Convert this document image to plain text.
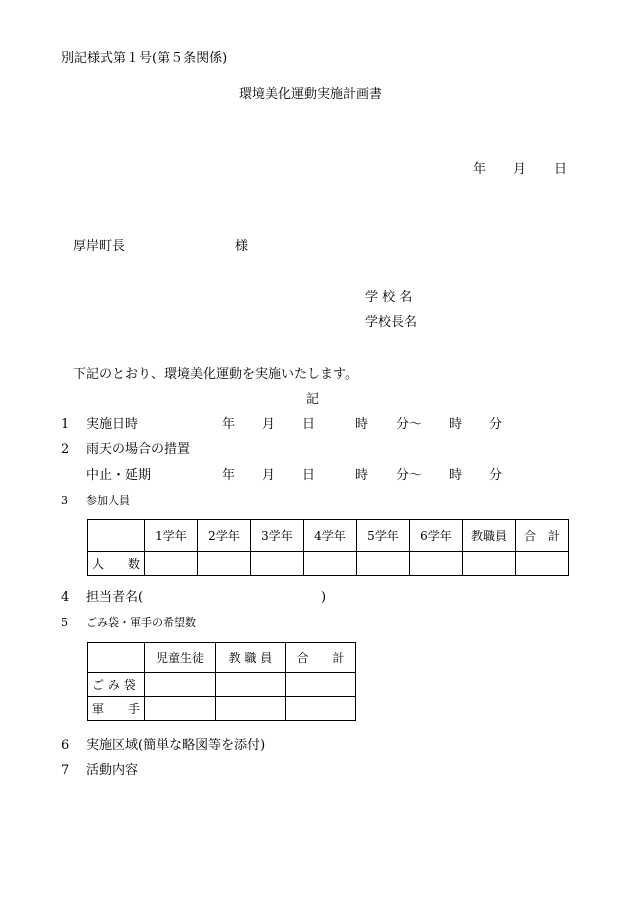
別記様式第１号(第５条関係)
環境美化運動実施計画書
年 月 日
厚岸町長	様
学 校 名
学校長名
下記のとおり、環境美化運動を実施いたします。
記
1 実施日時	年 月 日	時 分〜 時 分
2 雨天の場合の措置
中止・延期	年 月 日	時 分〜 時 分
3 参加人員
	1学年	2学年	3学年	4学年	5学年	6学年	教職員	合　計
人　　数								
4 担当者名(	)
5 ごみ袋・軍手の希望数
	児童生徒	教 職 員	合　　計
ご み 袋			
軍　　手			
6 実施区域(簡単な略図等を添付)
7 活動内容
